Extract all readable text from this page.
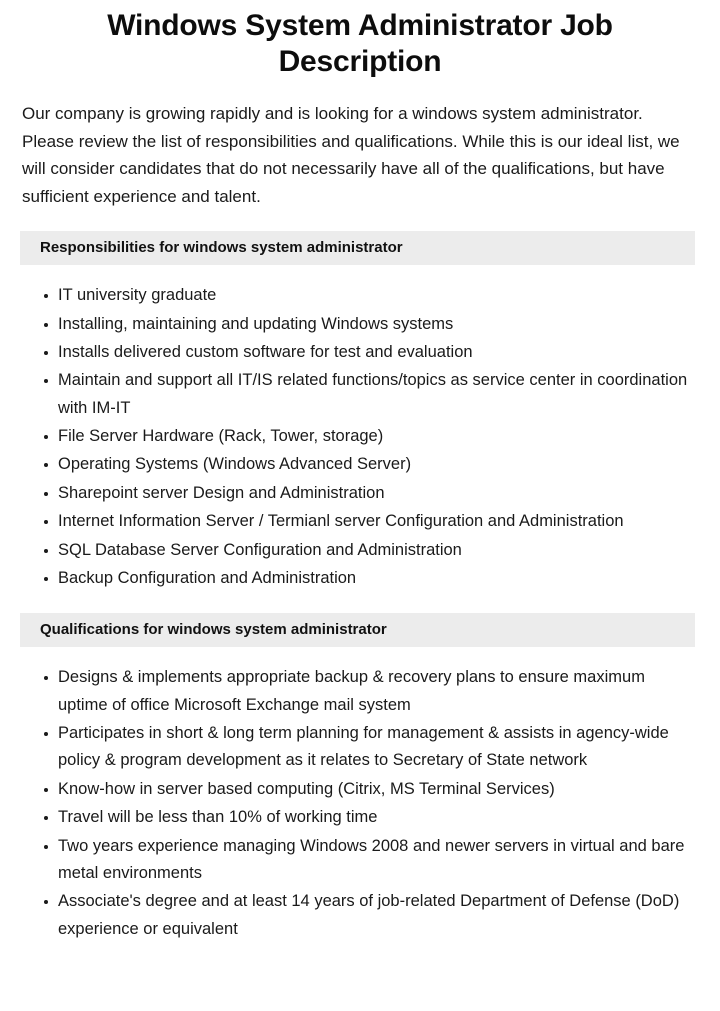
Windows System Administrator Job Description

Our company is growing rapidly and is looking for a windows system administrator. Please review the list of responsibilities and qualifications. While this is our ideal list, we will consider candidates that do not necessarily have all of the qualifications, but have sufficient experience and talent.

Responsibilities for windows system administrator
IT university graduate
Installing, maintaining and updating Windows systems
Installs delivered custom software for test and evaluation
Maintain and support all IT/IS related functions/topics as service center in coordination with IM-IT
File Server Hardware (Rack, Tower, storage)
Operating Systems (Windows Advanced Server)
Sharepoint server Design and Administration
Internet Information Server / Termianl server Configuration and Administration
SQL Database Server Configuration and Administration
Backup Configuration and Administration
Qualifications for windows system administrator
Designs & implements appropriate backup & recovery plans to ensure maximum uptime of office Microsoft Exchange mail system
Participates in short & long term planning for management & assists in agency-wide policy & program development as it relates to Secretary of State network
Know-how in server based computing (Citrix, MS Terminal Services)
Travel will be less than 10% of working time
Two years experience managing Windows 2008 and newer servers in virtual and bare metal environments
Associate's degree and at least 14 years of job-related Department of Defense (DoD) experience or equivalent
